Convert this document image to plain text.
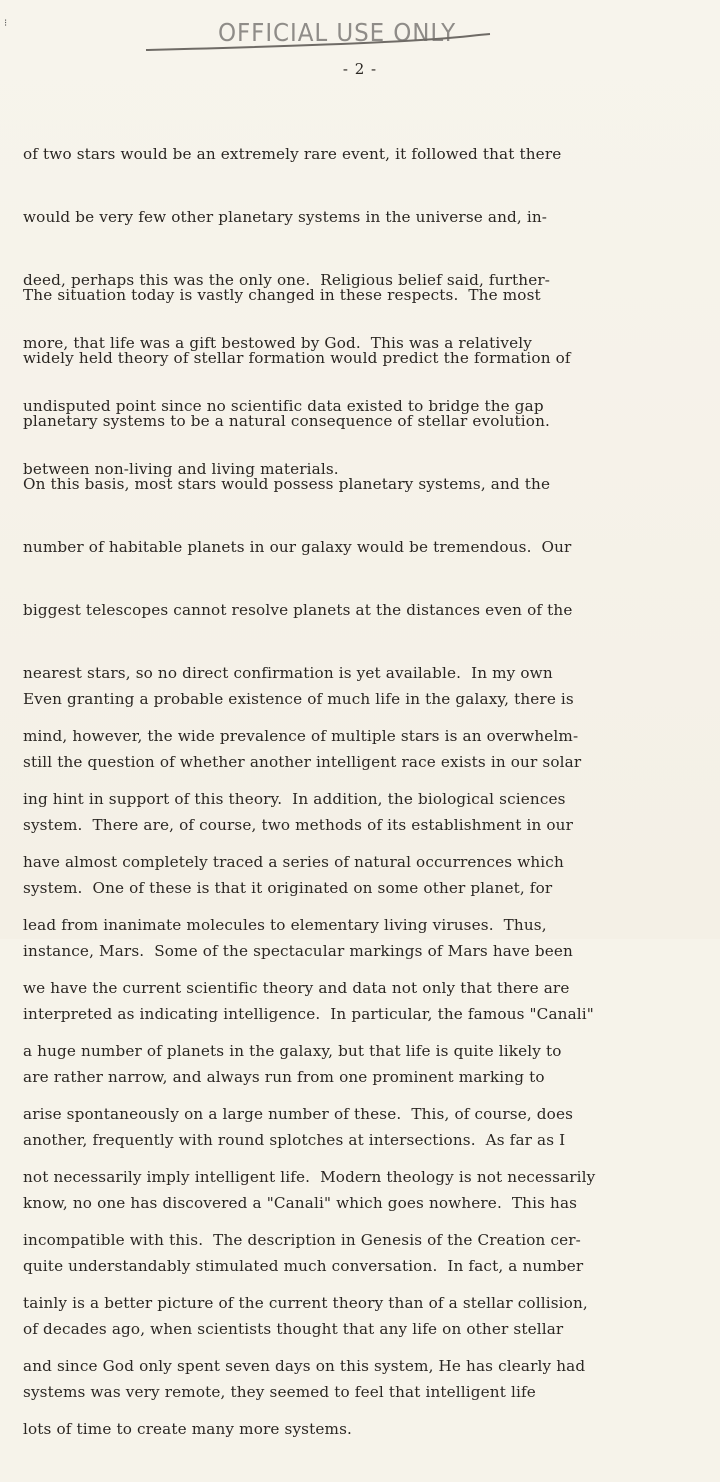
⁝	OFFICIAL USE ONLY
- 2 -

of two stars would be an extremely rare event, it followed that there

would be very few other planetary systems in the universe and, in-

deed, perhaps this was the only one.  Religious belief said, further-

more, that life was a gift bestowed by God.  This was a relatively

undisputed point since no scientific data existed to bridge the gap

between non-living and living materials.

The situation today is vastly changed in these respects.  The most

widely held theory of stellar formation would predict the formation of

planetary systems to be a natural consequence of stellar evolution.

On this basis, most stars would possess planetary systems, and the

number of habitable planets in our galaxy would be tremendous.  Our

biggest telescopes cannot resolve planets at the distances even of the

nearest stars, so no direct confirmation is yet available.  In my own

mind, however, the wide prevalence of multiple stars is an overwhelm-

ing hint in support of this theory.  In addition, the biological sciences

have almost completely traced a series of natural occurrences which

lead from inanimate molecules to elementary living viruses.  Thus,

we have the current scientific theory and data not only that there are

a huge number of planets in the galaxy, but that life is quite likely to

arise spontaneously on a large number of these.  This, of course, does

not necessarily imply intelligent life.  Modern theology is not necessarily

incompatible with this.  The description in Genesis of the Creation cer-

tainly is a better picture of the current theory than of a stellar collision,

and since God only spent seven days on this system, He has clearly had

lots of time to create many more systems.

Even granting a probable existence of much life in the galaxy, there is

still the question of whether another intelligent race exists in our solar

system.  There are, of course, two methods of its establishment in our

system.  One of these is that it originated on some other planet, for

instance, Mars.  Some of the spectacular markings of Mars have been

interpreted as indicating intelligence.  In particular, the famous "Canali"

are rather narrow, and always run from one prominent marking to

another, frequently with round splotches at intersections.  As far as I

know, no one has discovered a "Canali" which goes nowhere.  This has

quite understandably stimulated much conversation.  In fact, a number

of decades ago, when scientists thought that any life on other stellar

systems was very remote, they seemed to feel that intelligent life
